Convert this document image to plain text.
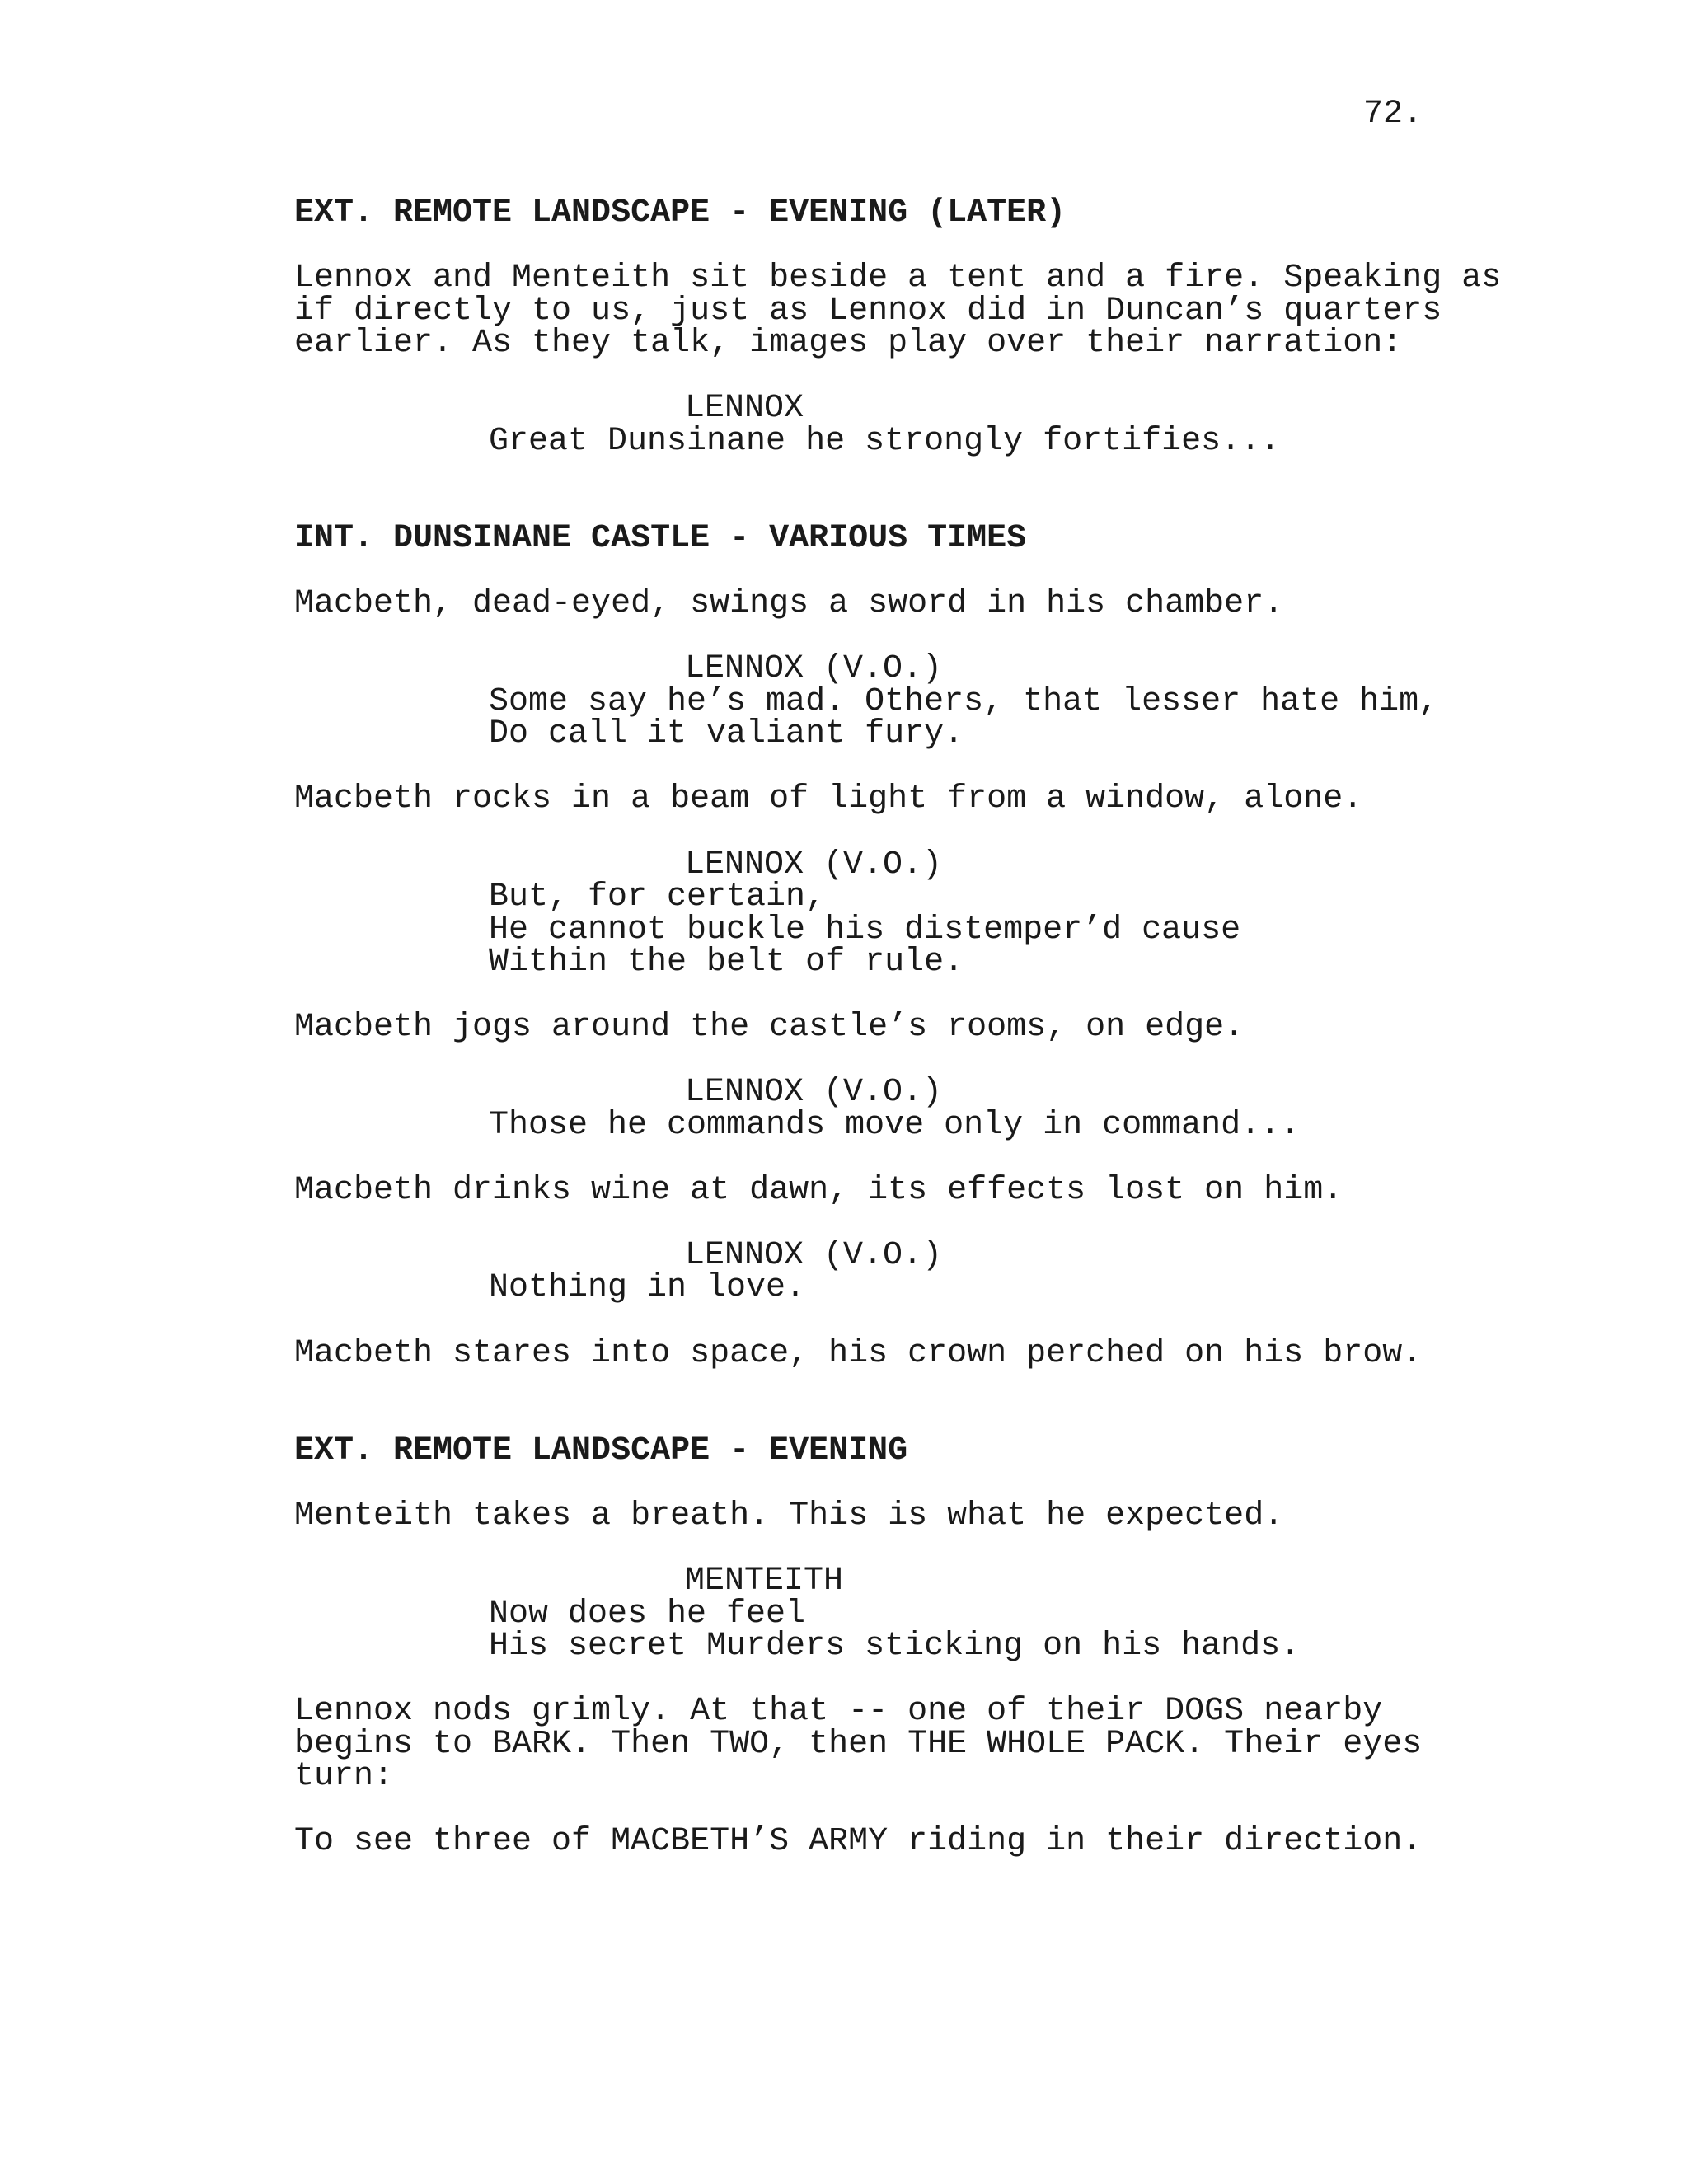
72.
EXT. REMOTE LANDSCAPE - EVENING (LATER)
Lennox and Menteith sit beside a tent and a fire. Speaking as
if directly to us, just as Lennox did in Duncan’s quarters
earlier. As they talk, images play over their narration:
LENNOX
Great Dunsinane he strongly fortifies...
INT. DUNSINANE CASTLE - VARIOUS TIMES
Macbeth, dead-eyed, swings a sword in his chamber.
LENNOX (V.O.)
Some say he’s mad. Others, that lesser hate him,
Do call it valiant fury.
Macbeth rocks in a beam of light from a window, alone.
LENNOX (V.O.)
But, for certain,
He cannot buckle his distemper’d cause
Within the belt of rule.
Macbeth jogs around the castle’s rooms, on edge.
LENNOX (V.O.)
Those he commands move only in command...
Macbeth drinks wine at dawn, its effects lost on him.
LENNOX (V.O.)
Nothing in love.
Macbeth stares into space, his crown perched on his brow.
EXT. REMOTE LANDSCAPE - EVENING
Menteith takes a breath. This is what he expected.
MENTEITH
Now does he feel
His secret Murders sticking on his hands.
Lennox nods grimly. At that -- one of their DOGS nearby
begins to BARK. Then TWO, then THE WHOLE PACK. Their eyes
turn:
To see three of MACBETH’S ARMY riding in their direction.
